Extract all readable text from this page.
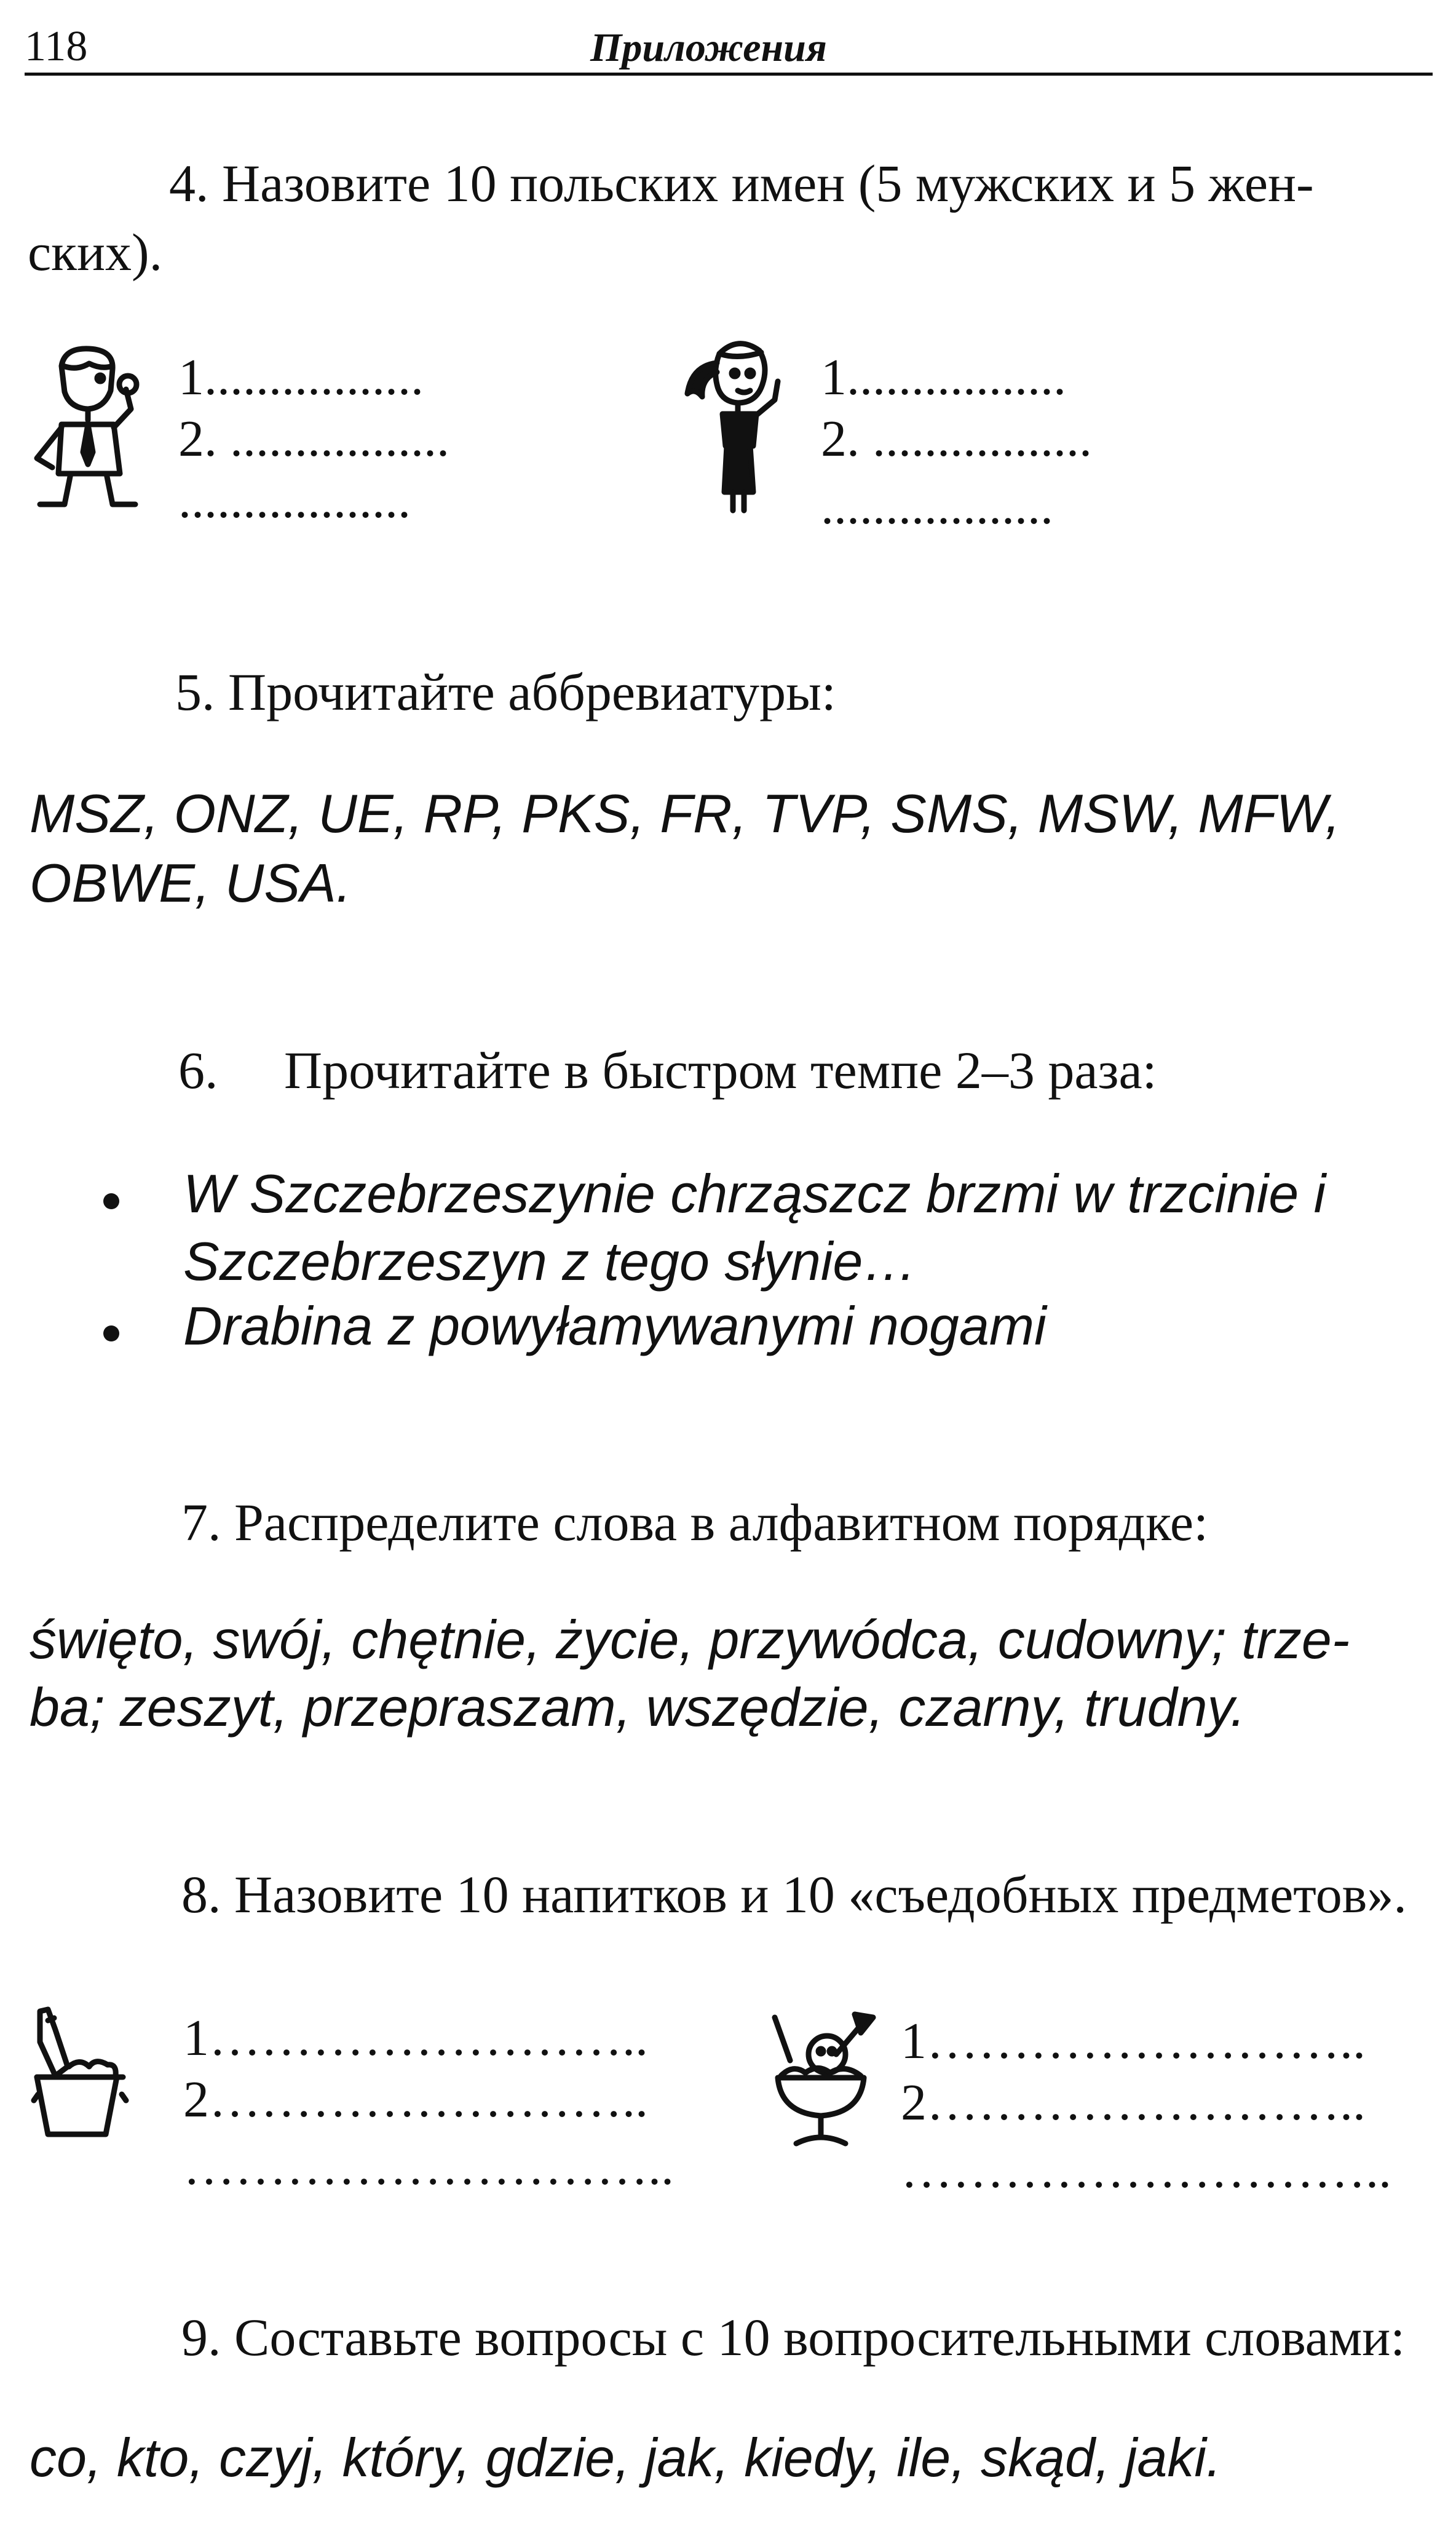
118	Приложения
4. Назовите 10 польских имен (5 мужских и 5 жен-
ских).
1.................
2. .................
..................
1.................
2. .................
..................
5. Прочитайте аббревиатуры:
MSZ, ONZ, UE, RP, PKS, FR, TVP, SMS, MSW, MFW,
OBWE, USA.
6. Прочитайте в быстром темпе 2–3 раза:
W Szczebrzeszynie chrząszcz brzmi w trzcinie i
Szczebrzeszyn z tego słynie…
Drabina z powyłamywanymi nogami
7. Распределите слова в алфавитном порядке:
święto, swój, chętnie, życie, przywódca, cudowny; trze-
ba; zeszyt, przepraszam, wszędzie, czarny, trudny.
8. Назовите 10 напитков и 10 «съедобных предметов».
1……………………..
2……………………..
………………………..
1……………………..
2……………………..
………………………..
9. Составьте вопросы с 10 вопросительными словами:
co, kto, czyj, który, gdzie, jak, kiedy, ile, skąd, jaki.
